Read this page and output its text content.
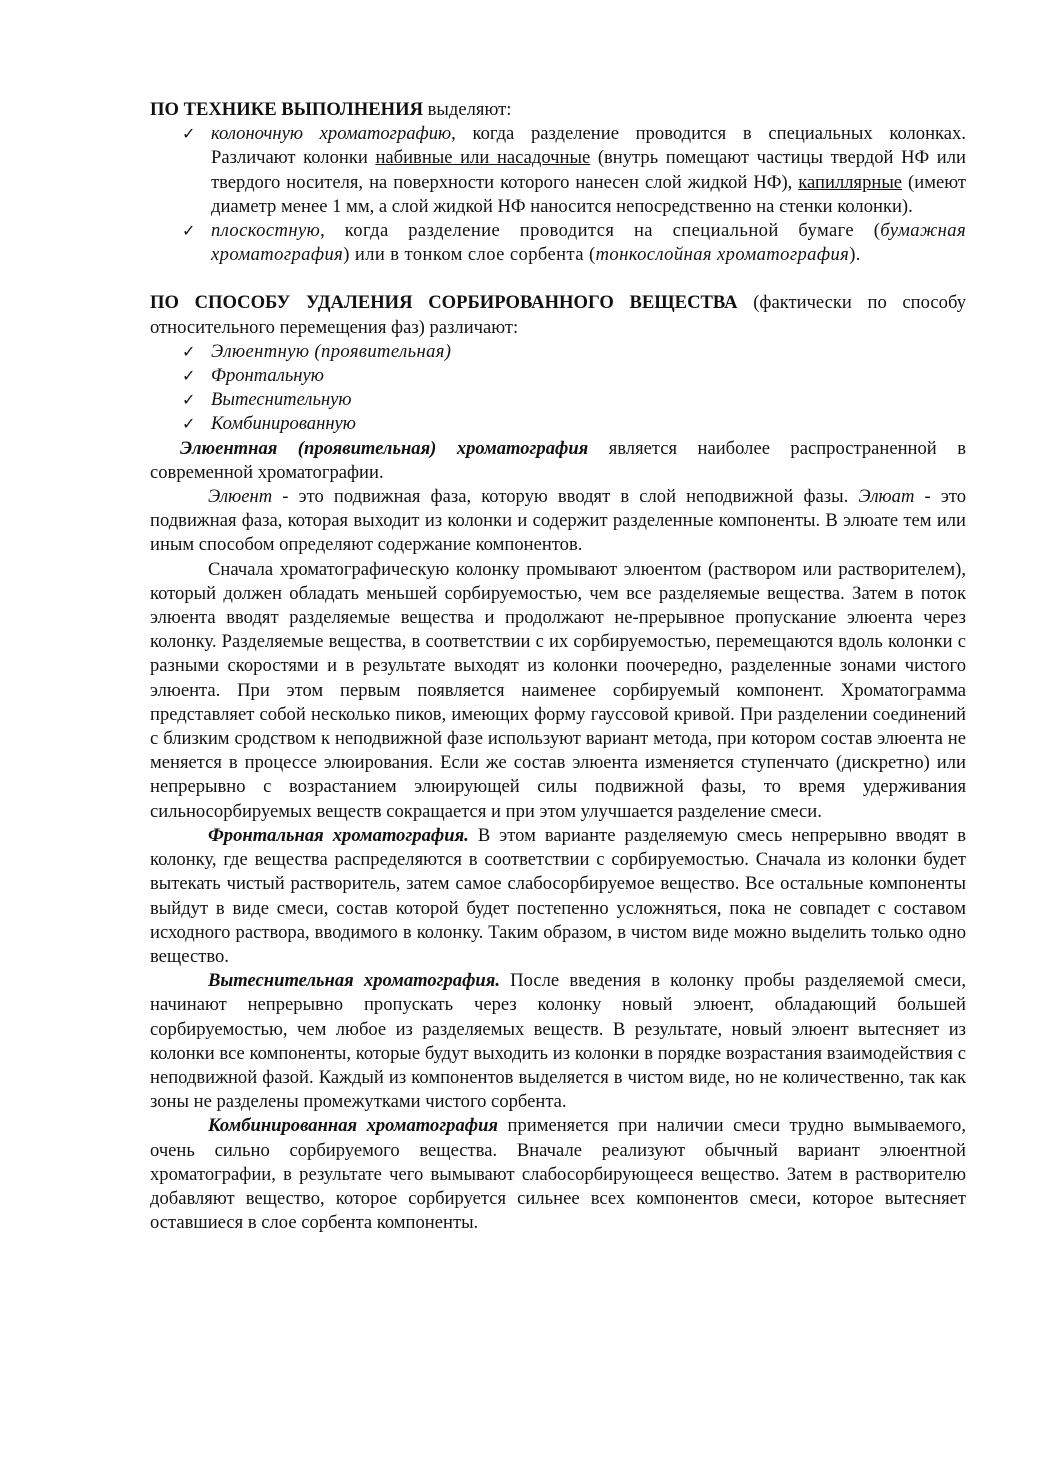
ПО ТЕХНИКЕ ВЫПОЛНЕНИЯ выделяют:

✓ колоночную хроматографию, когда разделение проводится в специальных колонках. Различают колонки набивные или насадочные (внутрь помещают частицы твердой НФ или твердого носителя, на поверхности которого нанесен слой жидкой НФ), капиллярные (имеют диаметр менее 1 мм, а слой жидкой НФ наносится непосредственно на стенки колонки).
✓ плоскостную, когда разделение проводится на специальной бумаге (бумажная хроматография) или в тонком слое сорбента (тонкослойная хроматография).

ПО СПОСОБУ УДАЛЕНИЯ СОРБИРОВАННОГО ВЕЩЕСТВА (фактически по способу относительного перемещения фаз) различают:

✓ Элюентную (проявительная)
✓ Фронтальную
✓ Вытеснительную
✓ Комбинированную

Элюентная (проявительная) хроматография является наиболее распространенной в современной хроматографии.

Элюент - это подвижная фаза, которую вводят в слой неподвижной фазы. Элюат - это подвижная фаза, которая выходит из колонки и содержит разделенные компоненты. В элюате тем или иным способом определяют содержание компонентов.

Сначала хроматографическую колонку промывают элюентом (раствором или растворителем), который должен обладать меньшей сорбируемостью, чем все разделяемые вещества. Затем в поток элюента вводят разделяемые вещества и продолжают не-прерывное пропускание элюента через колонку. Разделяемые вещества, в соответствии с их сорбируемостью, перемещаются вдоль колонки с разными скоростями и в результате выходят из колонки поочередно, разделенные зонами чистого элюента. При этом первым появляется наименее сорбируемый компонент. Хроматограмма представляет собой несколько пиков, имеющих форму гауссовой кривой. При разделении соединений с близким сродством к неподвижной фазе используют вариант метода, при котором состав элюента не меняется в процессе элюирования. Если же состав элюента изменяется ступенчато (дискретно) или непрерывно с возрастанием элюирующей силы подвижной фазы, то время удерживания сильносорбируемых веществ сокращается и при этом улучшается разделение смеси.

Фронтальная хроматография. В этом варианте разделяемую смесь непрерывно вводят в колонку, где вещества распределяются в соответствии с сорбируемостью. Сначала из колонки будет вытекать чистый растворитель, затем самое слабосорбируемое вещество. Все остальные компоненты выйдут в виде смеси, состав которой будет постепенно усложняться, пока не совпадет с составом исходного раствора, вводимого в колонку. Таким образом, в чистом виде можно выделить только одно вещество.

Вытеснительная хроматография. После введения в колонку пробы разделяемой смеси, начинают непрерывно пропускать через колонку новый элюент, обладающий большей сорбируемостью, чем любое из разделяемых веществ. В результате, новый элюент вытесняет из колонки все компоненты, которые будут выходить из колонки в порядке возрастания взаимодействия с неподвижной фазой. Каждый из компонентов выделяется в чистом виде, но не количественно, так как зоны не разделены промежутками чистого сорбента.

Комбинированная хроматография применяется при наличии смеси трудно вымываемого, очень сильно сорбируемого вещества. Вначале реализуют обычный вариант элюентной хроматографии, в результате чего вымывают слабосорбирующееся вещество. Затем в растворителю добавляют вещество, которое сорбируется сильнее всех компонентов смеси, которое вытесняет оставшиеся в слое сорбента компоненты.
